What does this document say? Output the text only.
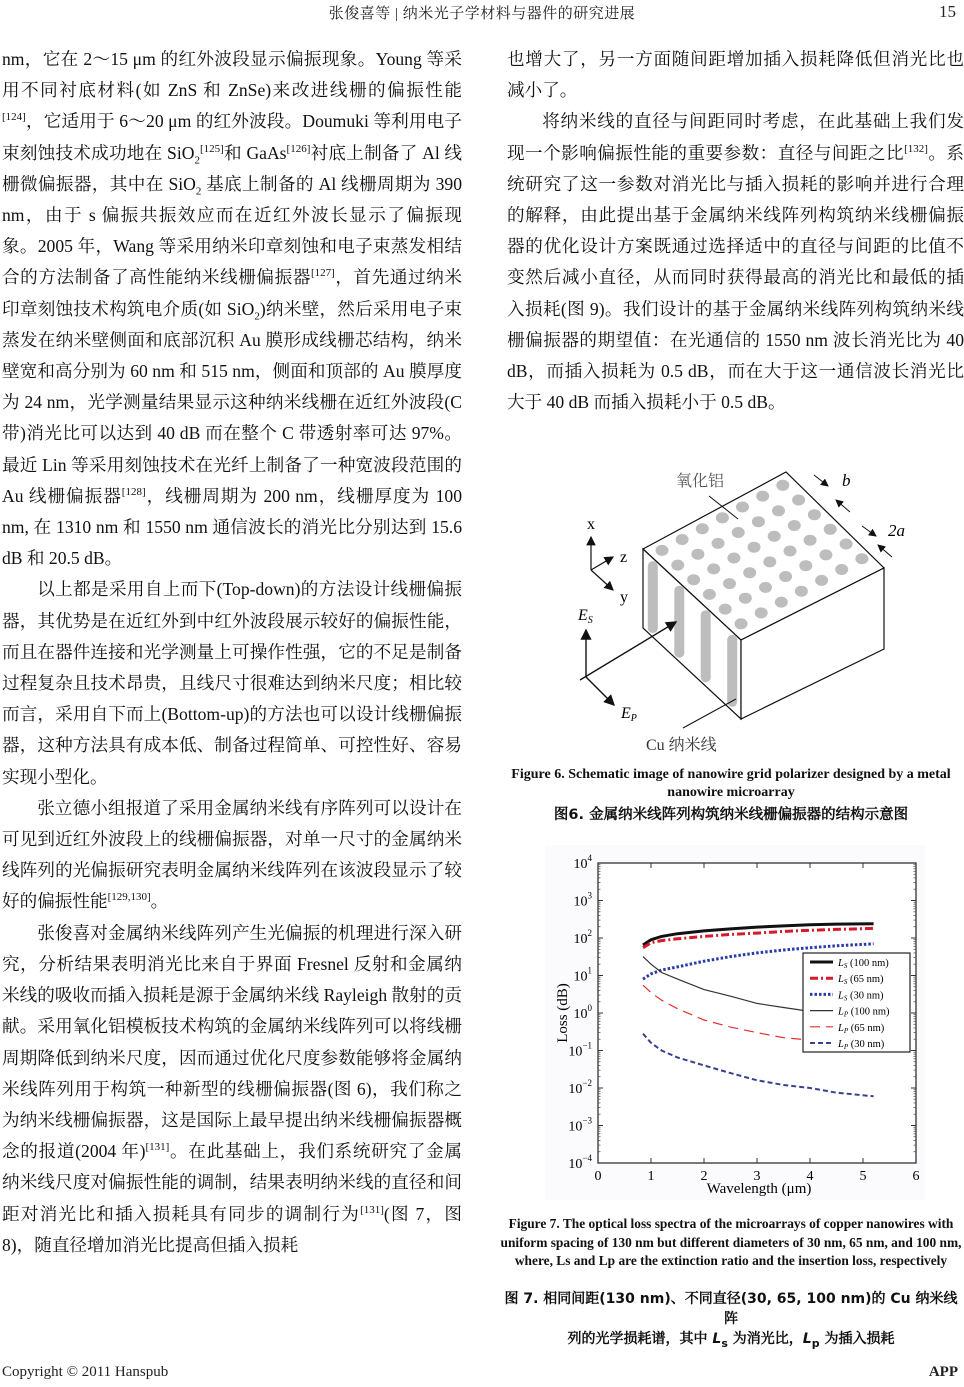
张俊喜等 | 纳米光子学材料与器件的研究进展	15

nm，它在 2～15 μm 的红外波段显示偏振现象。Young 等采用不同衬底材料(如 ZnS 和 ZnSe)来改进线栅的偏振性能[124]，它适用于 6～20 μm 的红外波段。Doumuki 等利用电子束刻蚀技术成功地在 SiO$_2$[125]和 GaAs[126]衬底上制备了 Al 线栅微偏振器，其中在 SiO$_2$ 基底上制备的 Al 线栅周期为 390 nm，由于 s 偏振共振效应而在近红外波长显示了偏振现象。2005 年，Wang 等采用纳米印章刻蚀和电子束蒸发相结合的方法制备了高性能纳米线栅偏振器[127]，首先通过纳米印章刻蚀技术构筑电介质(如 SiO$_2$)纳米壁，然后采用电子束蒸发在纳米壁侧面和底部沉积 Au 膜形成线栅芯结构，纳米壁宽和高分别为 60 nm 和 515 nm，侧面和顶部的 Au 膜厚度为 24 nm，光学测量结果显示这种纳米线栅在近红外波段(C 带)消光比可以达到 40 dB 而在整个 C 带透射率可达 97%。最近 Lin 等采用刻蚀技术在光纤上制备了一种宽波段范围的 Au 线栅偏振器[128]，线栅周期为 200 nm，线栅厚度为 100 nm, 在 1310 nm 和 1550 nm 通信波长的消光比分别达到 15.6 dB 和 20.5 dB。

以上都是采用自上而下(Top-down)的方法设计线栅偏振器，其优势是在近红外到中红外波段展示较好的偏振性能，而且在器件连接和光学测量上可操作性强，它的不足是制备过程复杂且技术昂贵，且线尺寸很难达到纳米尺度；相比较而言，采用自下而上(Bottom-up)的方法也可以设计线栅偏振器，这种方法具有成本低、制备过程简单、可控性好、容易实现小型化。

张立德小组报道了采用金属纳米线有序阵列可以设计在可见到近红外波段上的线栅偏振器，对单一尺寸的金属纳米线阵列的光偏振研究表明金属纳米线阵列在该波段显示了较好的偏振性能[129,130]。

张俊喜对金属纳米线阵列产生光偏振的机理进行深入研究，分析结果表明消光比来自于界面 Fresnel 反射和金属纳米线的吸收而插入损耗是源于金属纳米线 Rayleigh 散射的贡献。采用氧化铝模板技术构筑的金属纳米线阵列可以将线栅周期降低到纳米尺度，因而通过优化尺度参数能够将金属纳米线阵列用于构筑一种新型的线栅偏振器(图 6)，我们称之为纳米线栅偏振器，这是国际上最早提出纳米线栅偏振器概念的报道(2004 年)[131]。在此基础上，我们系统研究了金属纳米线尺度对偏振性能的调制，结果表明纳米线的直径和间距对消光比和插入损耗具有同步的调制行为[131](图 7，图 8)，随直径增加消光比提高但插入损耗

也增大了，另一方面随间距增加插入损耗降低但消光比也减小了。

将纳米线的直径与间距同时考虑，在此基础上我们发现一个影响偏振性能的重要参数：直径与间距之比[132]。系统研究了这一参数对消光比与插入损耗的影响并进行合理的解释，由此提出基于金属纳米线阵列构筑纳米线栅偏振器的优化设计方案既通过选择适中的直径与间距的比值不变然后减小直径，从而同时获得最高的消光比和最低的插入损耗(图 9)。我们设计的基于金属纳米线阵列构筑纳米线栅偏振器的期望值：在光通信的 1550 nm 波长消光比为 40 dB，而插入损耗为 0.5 dB，而在大于这一通信波长消光比大于 40 dB 而插入损耗小于 0.5 dB。

氧化铝	b
2a
x
z
y
ES
EP
Cu 纳米线
Figure 6. Schematic image of nanowire grid polarizer designed by a metal nanowire microarray
图6. 金属纳米线阵列构筑纳米线栅偏振器的结构示意图
0	1	2	3	4	5	6
$10^4$
$10^3$
$10^2$
$10^1$
$10^0$
$10^{-1}$
$10^{-2}$
$10^{-3}$
$10^{-4}$
LS (100 nm)
LS (65 nm)
LS (30 nm)
LP (100 nm)
LP (65 nm)
LP (30 nm)
Wavelength (μm)
Loss (dB)
Figure 7. The optical loss spectra of the microarrays of copper nanowires with uniform spacing of 130 nm but different diameters of 30 nm, 65 nm, and 100 nm, where, Ls and Lp are the extinction ratio and the insertion loss, respectively
图 7. 相同间距(130 nm)、不同直径(30, 65, 100 nm)的 Cu 纳米线阵
列的光学损耗谱，其中 $L_s$ 为消光比，$L_p$ 为插入损耗
Copyright © 2011 Hanspub	APP
